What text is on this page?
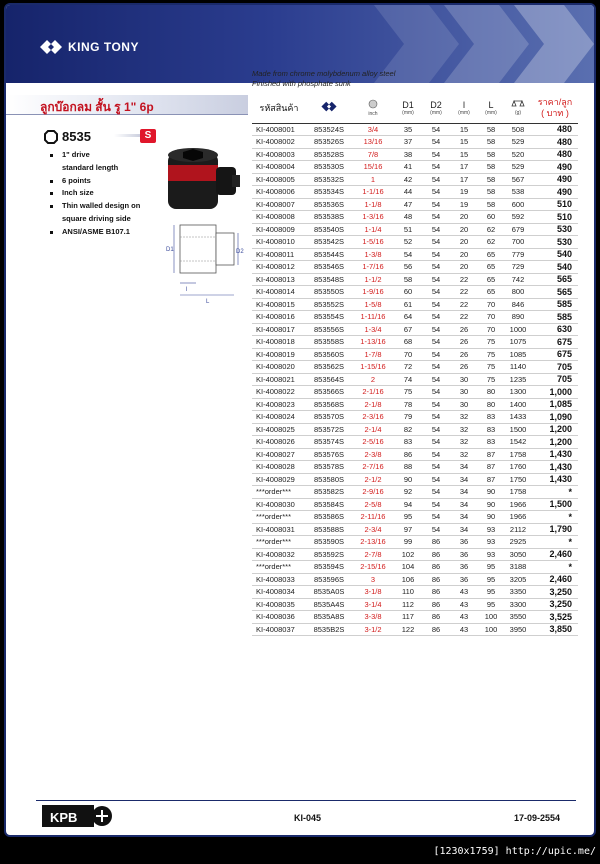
KING TONY
Made from chrome molybdenum alloy steel
Finished with phosphate sunk
ลูกบ๊อกลม สั้น รู 1" 6p
8535	S
1" drive
standard length
6 points
Inch size
Thin walled design on
square driving side
ANSI/ASME B107.1
D1	D2
l
L
รหัสสินค้า		inch	D1
(mm)	D2
(mm)	l
(mm)	L
(mm)	(g)	ราคา/ลูก
( บาท )
KI-4008001	853524S	3/4	35	54	15	58	508	480
KI-4008002	853526S	13/16	37	54	15	58	529	480
KI-4008003	853528S	7/8	38	54	15	58	520	480
KI-4008004	853530S	15/16	41	54	17	58	529	490
KI-4008005	853532S	1	42	54	17	58	567	490
KI-4008006	853534S	1-1/16	44	54	19	58	538	490
KI-4008007	853536S	1-1/8	47	54	19	58	600	510
KI-4008008	853538S	1-3/16	48	54	20	60	592	510
KI-4008009	853540S	1-1/4	51	54	20	62	679	530
KI-4008010	853542S	1-5/16	52	54	20	62	700	530
KI-4008011	853544S	1-3/8	54	54	20	65	779	540
KI-4008012	853546S	1-7/16	56	54	20	65	729	540
KI-4008013	853548S	1-1/2	58	54	22	65	742	565
KI-4008014	853550S	1-9/16	60	54	22	65	800	565
KI-4008015	853552S	1-5/8	61	54	22	70	846	585
KI-4008016	853554S	1-11/16	64	54	22	70	890	585
KI-4008017	853556S	1-3/4	67	54	26	70	1000	630
KI-4008018	853558S	1-13/16	68	54	26	75	1075	675
KI-4008019	853560S	1-7/8	70	54	26	75	1085	675
KI-4008020	853562S	1-15/16	72	54	26	75	1140	705
KI-4008021	853564S	2	74	54	30	75	1235	705
KI-4008022	853566S	2-1/16	75	54	30	80	1300	1,000
KI-4008023	853568S	2-1/8	78	54	30	80	1400	1,085
KI-4008024	853570S	2-3/16	79	54	32	83	1433	1,090
KI-4008025	853572S	2-1/4	82	54	32	83	1500	1,200
KI-4008026	853574S	2-5/16	83	54	32	83	1542	1,200
KI-4008027	853576S	2-3/8	86	54	32	87	1758	1,430
KI-4008028	853578S	2-7/16	88	54	34	87	1760	1,430
KI-4008029	853580S	2-1/2	90	54	34	87	1750	1,430
***order***	853582S	2-9/16	92	54	34	90	1758	*
KI-4008030	853584S	2-5/8	94	54	34	90	1966	1,500
***order***	853586S	2-11/16	95	54	34	90	1966	*
KI-4008031	853588S	2-3/4	97	54	34	93	2112	1,790
***order***	853590S	2-13/16	99	86	36	93	2925	*
KI-4008032	853592S	2-7/8	102	86	36	93	3050	2,460
***order***	853594S	2-15/16	104	86	36	95	3188	*
KI-4008033	853596S	3	106	86	36	95	3205	2,460
KI-4008034	8535A0S	3-1/8	110	86	43	95	3350	3,250
KI-4008035	8535A4S	3-1/4	112	86	43	95	3300	3,250
KI-4008036	8535A8S	3-3/8	117	86	43	100	3550	3,525
KI-4008037	8535B2S	3-1/2	122	86	43	100	3950	3,850
KPB	KI-045	17-09-2554
[1230x1759] http://upic.me/
